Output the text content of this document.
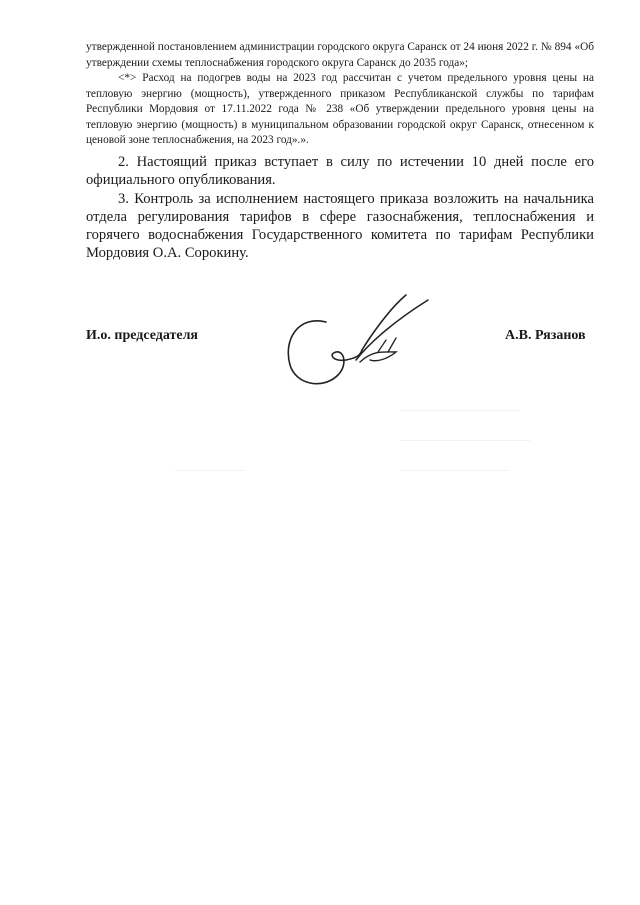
утвержденной постановлением администрации городского округа Саранск от 24 июня 2022 г. № 894 «Об утверждении схемы теплоснабжения городского округа Саранск до 2035 года»;

<*> Расход на подогрев воды на 2023 год рассчитан с учетом предельного уровня цены на тепловую энергию (мощность), утвержденного приказом Республиканской службы по тарифам Республики Мордовия от 17.11.2022 года № 238 «Об утверждении предельного уровня цены на тепловую энергию (мощность) в муниципальном образовании городской округ Саранск, отнесенном к ценовой зоне теплоснабжения, на 2023 год».».

2. Настоящий приказ вступает в силу по истечении 10 дней после его официального опубликования.

3. Контроль за исполнением настоящего приказа возложить на начальника отдела регулирования тарифов в сфере газоснабжения, теплоснабжения и горячего водоснабжения Государственного комитета по тарифам Республики Мордовия О.А. Сорокину.

И.о. председателя	А.В. Рязанов
